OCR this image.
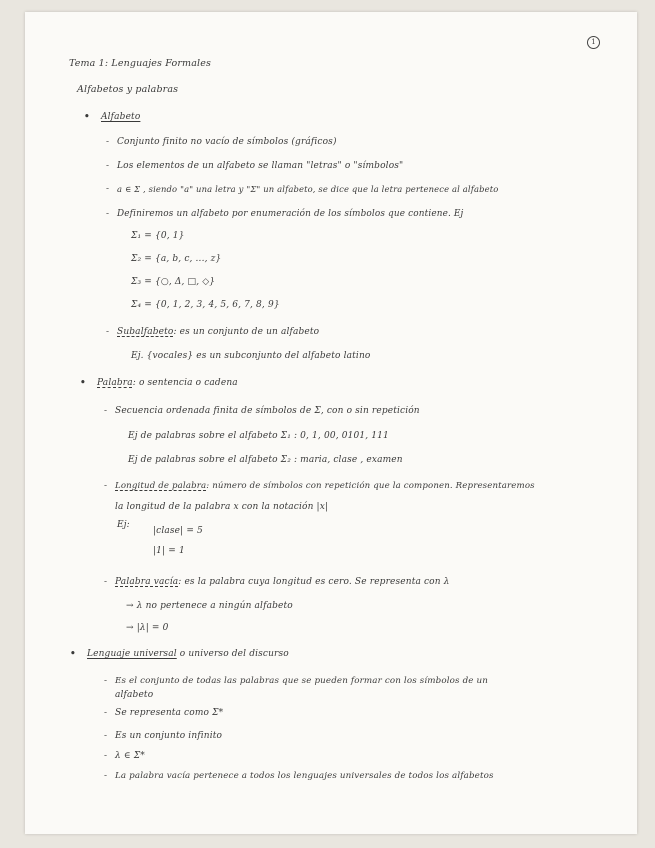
1
Tema 1: Lenguajes Formales
Alfabetos y palabras
• Alfabeto
- Conjunto finito no vacío de símbolos (gráficos)
- Los elementos de un alfabeto se llaman "letras" o "símbolos"
- a ∈ Σ , siendo "a" una letra y "Σ" un alfabeto, se dice que la letra pertenece al alfabeto
- Definiremos un alfabeto por enumeración de los símbolos que contiene. Ej
Σ₁ = {0, 1}
Σ₂ = {a, b, c, ..., z}
Σ₃ = {○, Δ, □, ◇}
Σ₄ = {0, 1, 2, 3, 4, 5, 6, 7, 8, 9}
- Subalfabeto: es un conjunto de un alfabeto
Ej. {vocales} es un subconjunto del alfabeto latino
• Palabra: o sentencia o cadena
- Secuencia ordenada finita de símbolos de Σ, con o sin repetición
Ej de palabras sobre el alfabeto Σ₁ : 0, 1, 00, 0101, 111
Ej de palabras sobre el alfabeto Σ₂ : maria, clase , examen
- Longitud de palabra: número de símbolos con repetición que la componen. Representaremos
la longitud de la palabra x con la notación |x|
Ej:
|clase| = 5
|1| = 1
- Palabra vacía: es la palabra cuya longitud es cero. Se representa con λ
→ λ no pertenece a ningún alfabeto
→ |λ| = 0
• Lenguaje universal o universo del discurso
- Es el conjunto de todas las palabras que se pueden formar con los símbolos de un
alfabeto
- Se representa como Σ*
- Es un conjunto infinito
- λ ∈ Σ*
- La palabra vacía pertenece a todos los lenguajes universales de todos los alfabetos
